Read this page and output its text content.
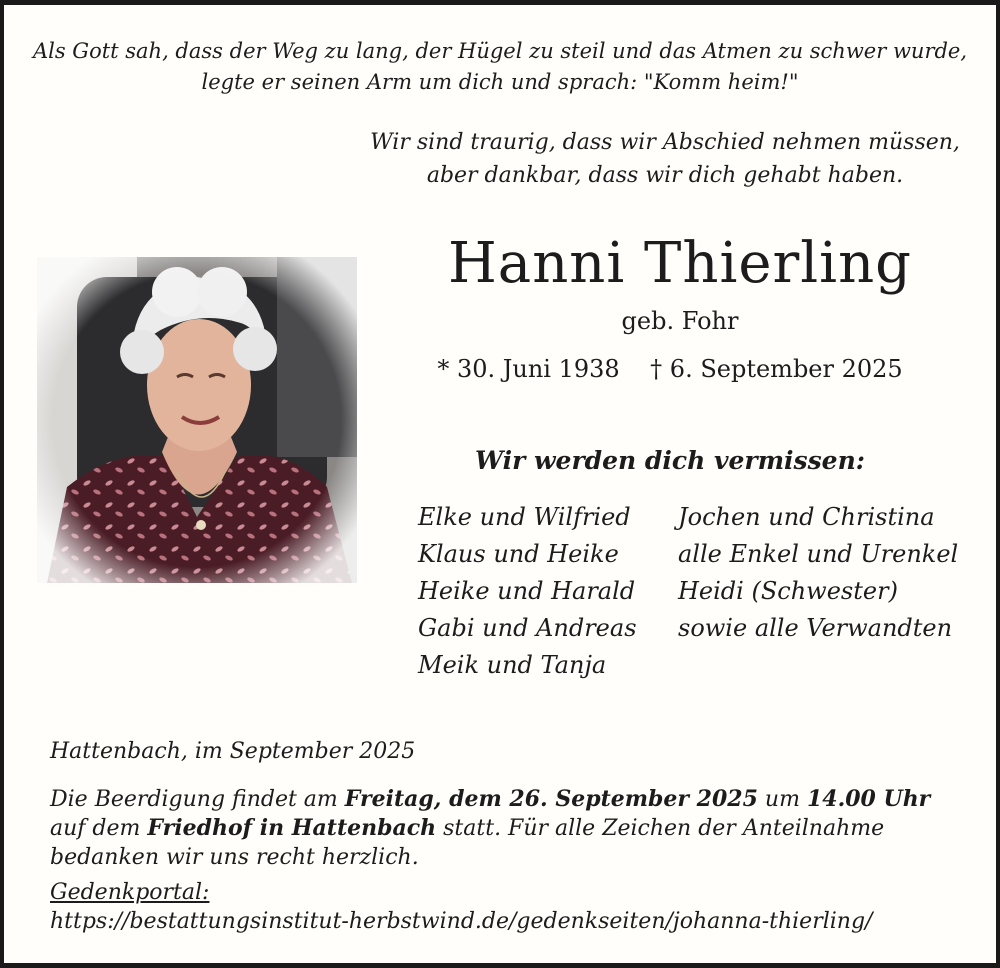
Als Gott sah, dass der Weg zu lang, der Hügel zu steil und das Atmen zu schwer wurde,
legte er seinen Arm um dich und sprach: "Komm heim!"
Wir sind traurig, dass wir Abschied nehmen müssen,
aber dankbar, dass wir dich gehabt haben.
Hanni Thierling
geb. Fohr
* 30. Juni 1938 † 6. September 2025
Wir werden dich vermissen:
Elke und Wilfried
Klaus und Heike
Heike und Harald
Gabi und Andreas
Meik und Tanja
Jochen und Christina
alle Enkel und Urenkel
Heidi (Schwester)
sowie alle Verwandten
Hattenbach, im September 2025
Die Beerdigung findet am Freitag, dem 26. September 2025 um 14.00 Uhr
auf dem Friedhof in Hattenbach statt. Für alle Zeichen der Anteilnahme
bedanken wir uns recht herzlich.
Gedenkportal:
https://bestattungsinstitut-herbstwind.de/gedenkseiten/johanna-thierling/
